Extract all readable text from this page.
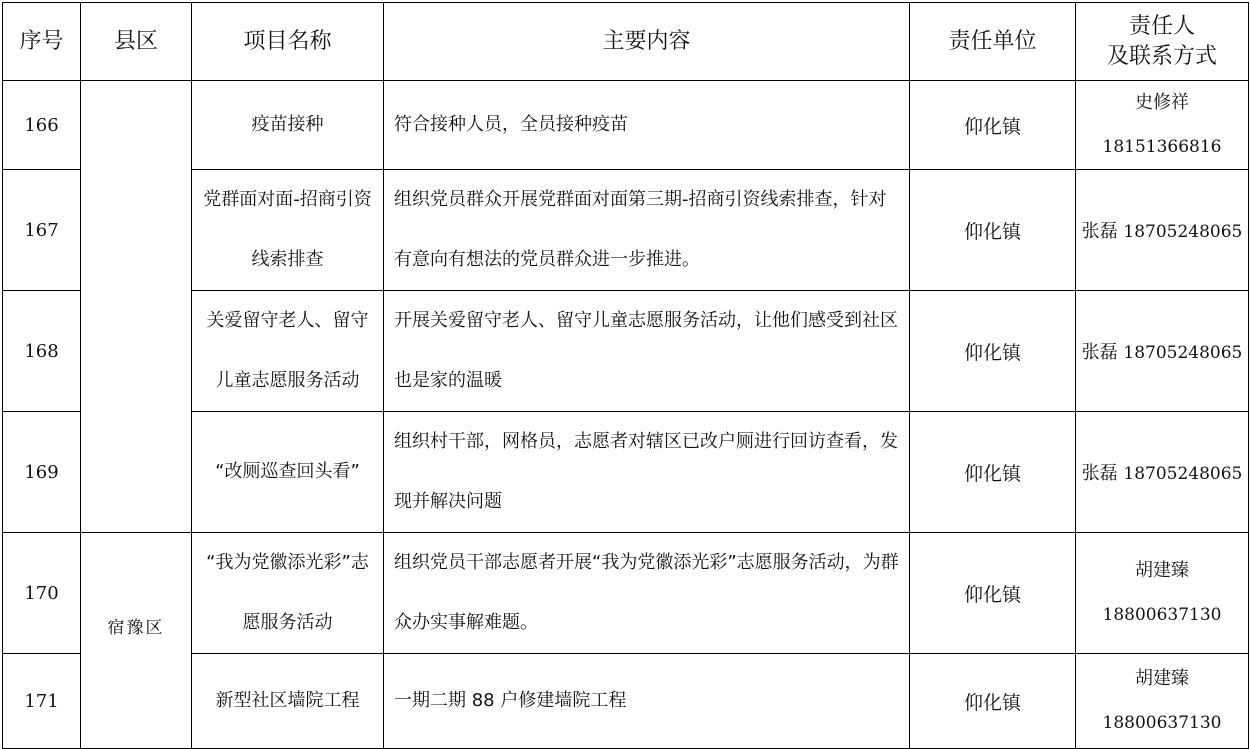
序号	县区	项目名称	主要内容	责任单位	责任人
及联系方式

166		疫苗接种	符合接种人员，全员接种疫苗	仰化镇	史修祥
18151366816

167		党群面对面-招商引资线索排查	组织党员群众开展党群面对面第三期-招商引资线索排查，针对有意向有想法的党员群众进一步推进。	仰化镇	张磊 18705248065
168		关爱留守老人、留守儿童志愿服务活动	开展关爱留守老人、留守儿童志愿服务活动，让他们感受到社区也是家的温暖	仰化镇	张磊 18705248065
169		“改厕巡查回头看”	组织村干部，网格员，志愿者对辖区已改户厕进行回访查看，发现并解决问题	仰化镇	张磊 18705248065
170	宿豫区	“我为党徽添光彩”志愿服务活动	组织党员干部志愿者开展“我为党徽添光彩”志愿服务活动，为群众办实事解难题。	仰化镇	胡建臻
18800637130

171		新型社区墙院工程	一期二期 88 户修建墙院工程	仰化镇	胡建臻
18800637130
